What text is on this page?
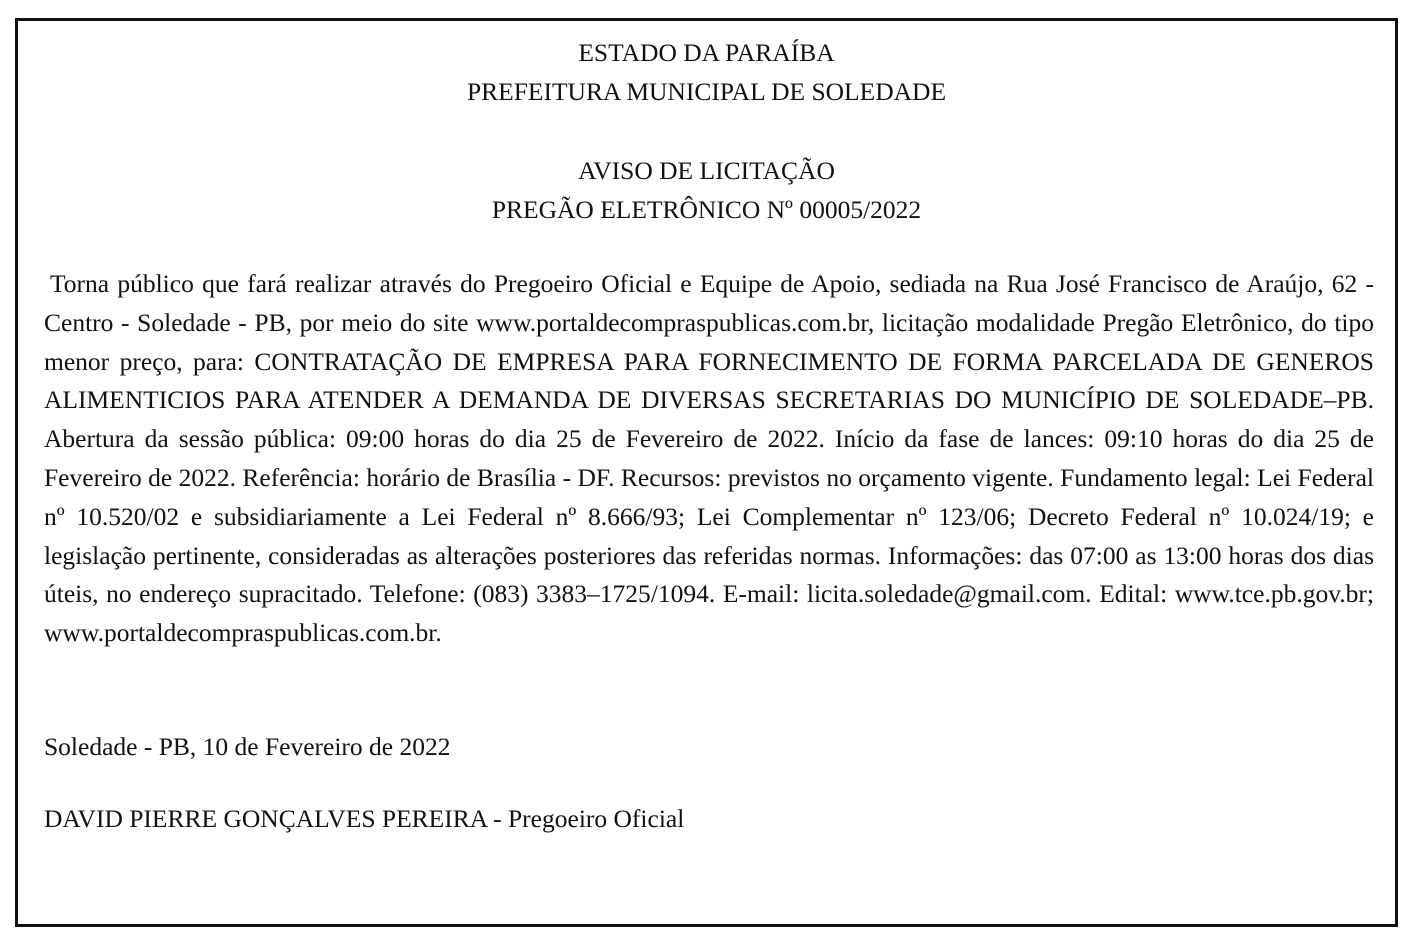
ESTADO DA PARAÍBA
PREFEITURA MUNICIPAL DE SOLEDADE
AVISO DE LICITAÇÃO
PREGÃO ELETRÔNICO Nº 00005/2022

Torna público que fará realizar através do Pregoeiro Oficial e Equipe de Apoio, sediada na Rua José Francisco de Araújo, 62 - Centro - Soledade - PB, por meio do site www.portaldecompraspublicas.com.br, licitação modalidade Pregão Eletrônico, do tipo menor preço, para: CONTRATAÇÃO DE EMPRESA PARA FORNECIMENTO DE FORMA PARCELADA DE GENEROS ALIMENTICIOS PARA ATENDER A DEMANDA DE DIVERSAS SECRETARIAS DO MUNICÍPIO DE SOLEDADE–PB. Abertura da sessão pública: 09:00 horas do dia 25 de Fevereiro de 2022. Início da fase de lances: 09:10 horas do dia 25 de Fevereiro de 2022. Referência: horário de Brasília - DF. Recursos: previstos no orçamento vigente. Fundamento legal: Lei Federal nº 10.520/02 e subsidiariamente a Lei Federal nº 8.666/93; Lei Complementar nº 123/06; Decreto Federal nº 10.024/19; e legislação pertinente, consideradas as alterações posteriores das referidas normas. Informações: das 07:00 as 13:00 horas dos dias úteis, no endereço supracitado. Telefone: (083) 3383–1725/1094. E-mail: licita.soledade@gmail.com. Edital: www.tce.pb.gov.br; www.portaldecompraspublicas.com.br.

Soledade - PB, 10 de Fevereiro de 2022
DAVID PIERRE GONÇALVES PEREIRA - Pregoeiro Oficial
